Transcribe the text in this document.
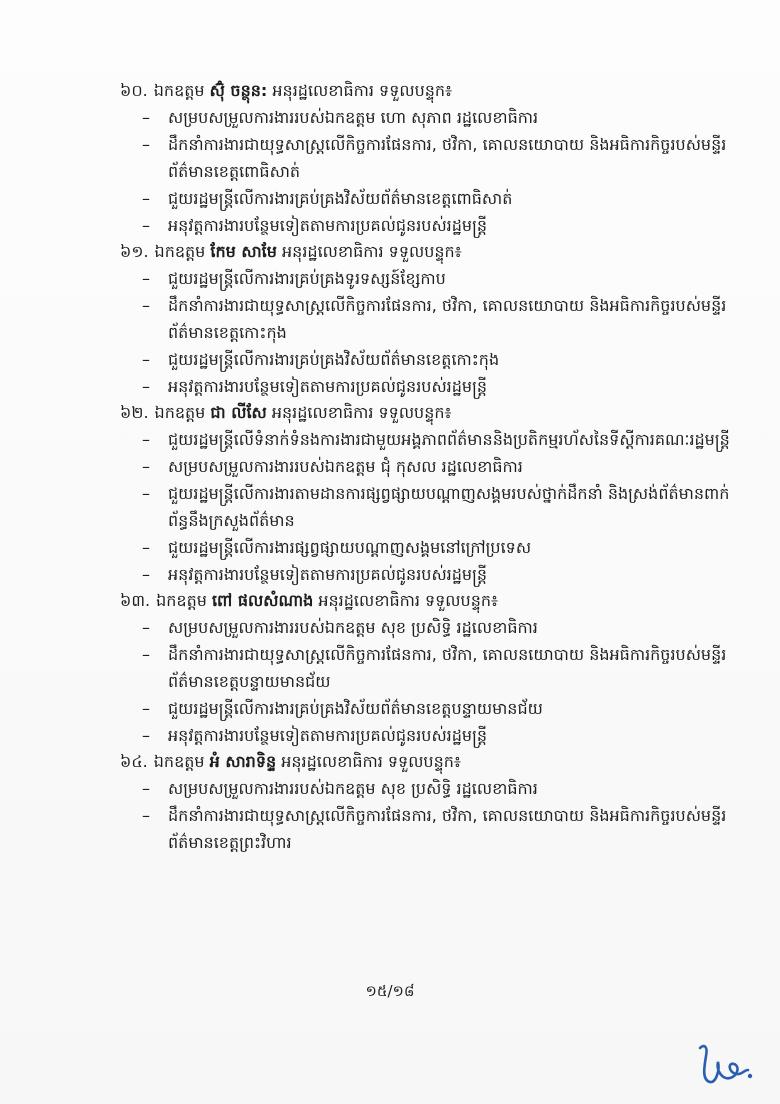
៦០. ឯកឧត្តម ស៊ុំ ចន្ថុន: អនុរដ្ឋលេខាធិការ ទទួលបន្ទុក៖
– សម្របសម្រួលការងាររបស់ឯកឧត្តម ហោ សុភាព រដ្ឋលេខាធិការ
– ដឹកនាំការងារជាយុទ្ធសាស្ត្រលើកិច្ចការផែនការ, ថវិកា, គោលនយោបាយ និងអធិការកិច្ចរបស់មន្ទីរព័ត៌មានខេត្តពោធិសាត់
– ជួយរដ្ឋមន្ត្រីលើការងារគ្រប់គ្រងវិស័យព័ត៌មានខេត្តពោធិសាត់
– អនុវត្តការងារបន្ថែមទៀតតាមការប្រគល់ជូនរបស់រដ្ឋមន្ត្រី
៦១. ឯកឧត្តម កែម សាមែ អនុរដ្ឋលេខាធិការ ទទួលបន្ទុក៖
– ជួយរដ្ឋមន្ត្រីលើការងារគ្រប់គ្រងទូរទស្សន៍ខ្សែកាប
– ដឹកនាំការងារជាយុទ្ធសាស្ត្រលើកិច្ចការផែនការ, ថវិកា, គោលនយោបាយ និងអធិការកិច្ចរបស់មន្ទីរព័ត៌មានខេត្តកោះកុង
– ជួយរដ្ឋមន្ត្រីលើការងារគ្រប់គ្រងវិស័យព័ត៌មានខេត្តកោះកុង
– អនុវត្តការងារបន្ថែមទៀតតាមការប្រគល់ជូនរបស់រដ្ឋមន្ត្រី
៦២. ឯកឧត្តម ជា លីសែ អនុរដ្ឋលេខាធិការ ទទួលបន្ទុក៖
– ជួយរដ្ឋមន្ត្រីលើទំនាក់ទំនងការងារជាមួយអង្គភាពព័ត៌មាននិងប្រតិកម្មរហ័សនៃទីស្តីការគណៈរដ្ឋមន្ត្រី
– សម្របសម្រួលការងាររបស់ឯកឧត្តម ជុំ កុសល រដ្ឋលេខាធិការ
– ជួយរដ្ឋមន្ត្រីលើការងារតាមដានការផ្សព្វផ្សាយបណ្តាញសង្គមរបស់ថ្នាក់ដឹកនាំ និងស្រង់ព័ត៌មានពាក់ព័ន្ធនឹងក្រសួងព័ត៌មាន
– ជួយរដ្ឋមន្ត្រីលើការងារផ្សព្វផ្សាយបណ្តាញសង្គមនៅក្រៅប្រទេស
– អនុវត្តការងារបន្ថែមទៀតតាមការប្រគល់ជូនរបស់រដ្ឋមន្ត្រី
៦៣. ឯកឧត្តម ពៅ ផលសំណាង អនុរដ្ឋលេខាធិការ ទទួលបន្ទុក៖
– សម្របសម្រួលការងាររបស់ឯកឧត្តម សុខ ប្រសិទ្ធិ រដ្ឋលេខាធិការ
– ដឹកនាំការងារជាយុទ្ធសាស្ត្រលើកិច្ចការផែនការ, ថវិកា, គោលនយោបាយ និងអធិការកិច្ចរបស់មន្ទីរព័ត៌មានខេត្តបន្ទាយមានជ័យ
– ជួយរដ្ឋមន្ត្រីលើការងារគ្រប់គ្រងវិស័យព័ត៌មានខេត្តបន្ទាយមានជ័យ
– អនុវត្តការងារបន្ថែមទៀតតាមការប្រគល់ជូនរបស់រដ្ឋមន្ត្រី
៦៤. ឯកឧត្តម អំ សារាទិន្ទ អនុរដ្ឋលេខាធិការ ទទួលបន្ទុក៖
– សម្របសម្រួលការងាររបស់ឯកឧត្តម សុខ ប្រសិទ្ធិ រដ្ឋលេខាធិការ
– ដឹកនាំការងារជាយុទ្ធសាស្ត្រលើកិច្ចការផែនការ, ថវិកា, គោលនយោបាយ និងអធិការកិច្ចរបស់មន្ទីរព័ត៌មានខេត្តព្រះវិហារ
១៥/១៨
